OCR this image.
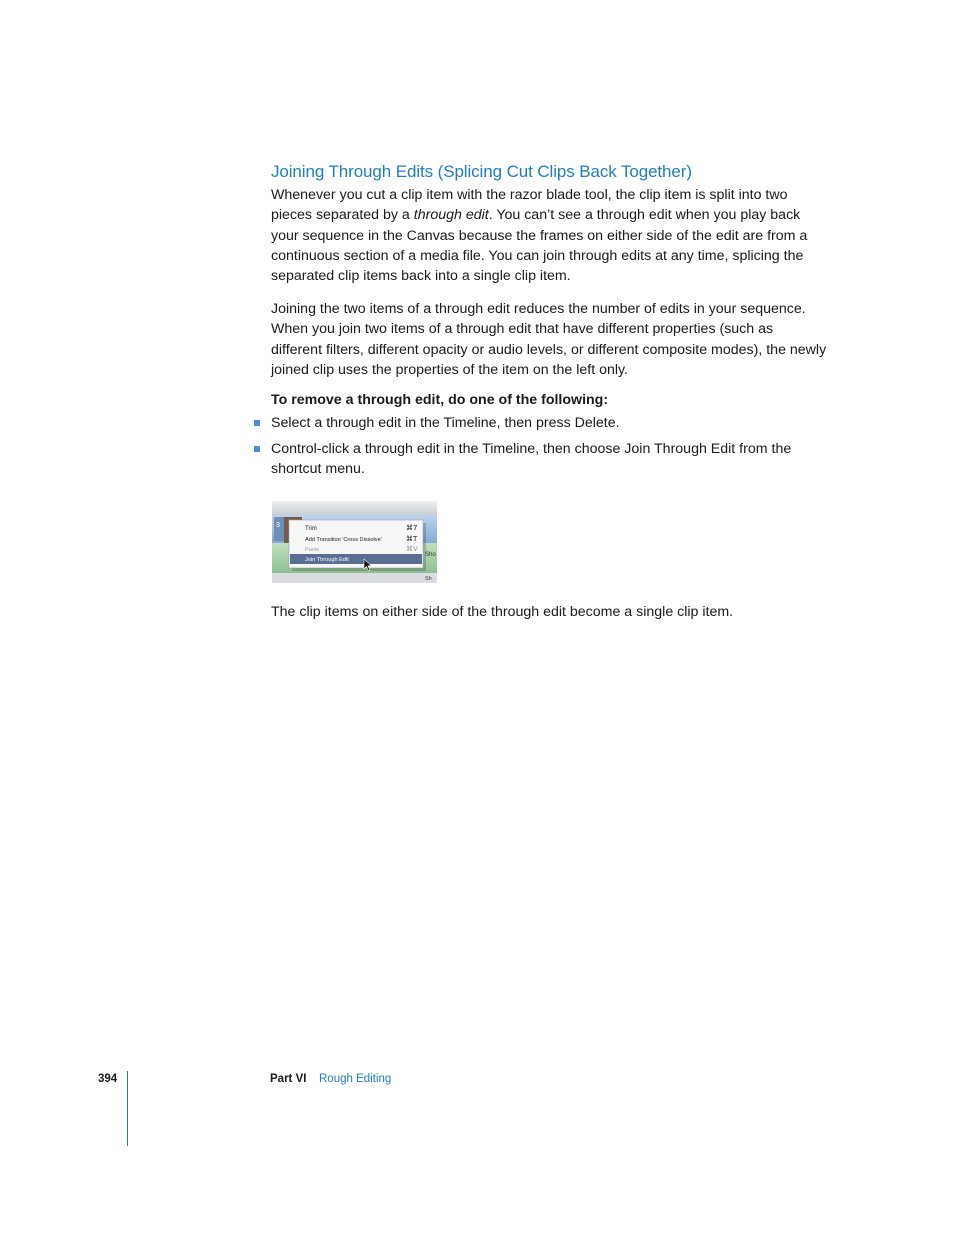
Joining Through Edits (Splicing Cut Clips Back Together)

Whenever you cut a clip item with the razor blade tool, the clip item is split into two pieces separated by a through edit. You can’t see a through edit when you play back your sequence in the Canvas because the frames on either side of the edit are from a continuous section of a media file. You can join through edits at any time, splicing the separated clip items back into a single clip item.

Joining the two items of a through edit reduces the number of edits in your sequence. When you join two items of a through edit that have different properties (such as different filters, different opacity or audio levels, or different composite modes), the newly joined clip uses the properties of the item on the left only.

To remove a through edit, do one of the following:
Select a through edit in the Timeline, then press Delete.
Control-click a through edit in the Timeline, then choose Join Through Edit from the shortcut menu.
Trim	⌘7
Add Transition 'Cross Dissolve'	⌘T
Paste	⌘V
Join Through Edit
3
Sho
Sh
The clip items on either side of the through edit become a single clip item.
394	Part VI Rough Editing
